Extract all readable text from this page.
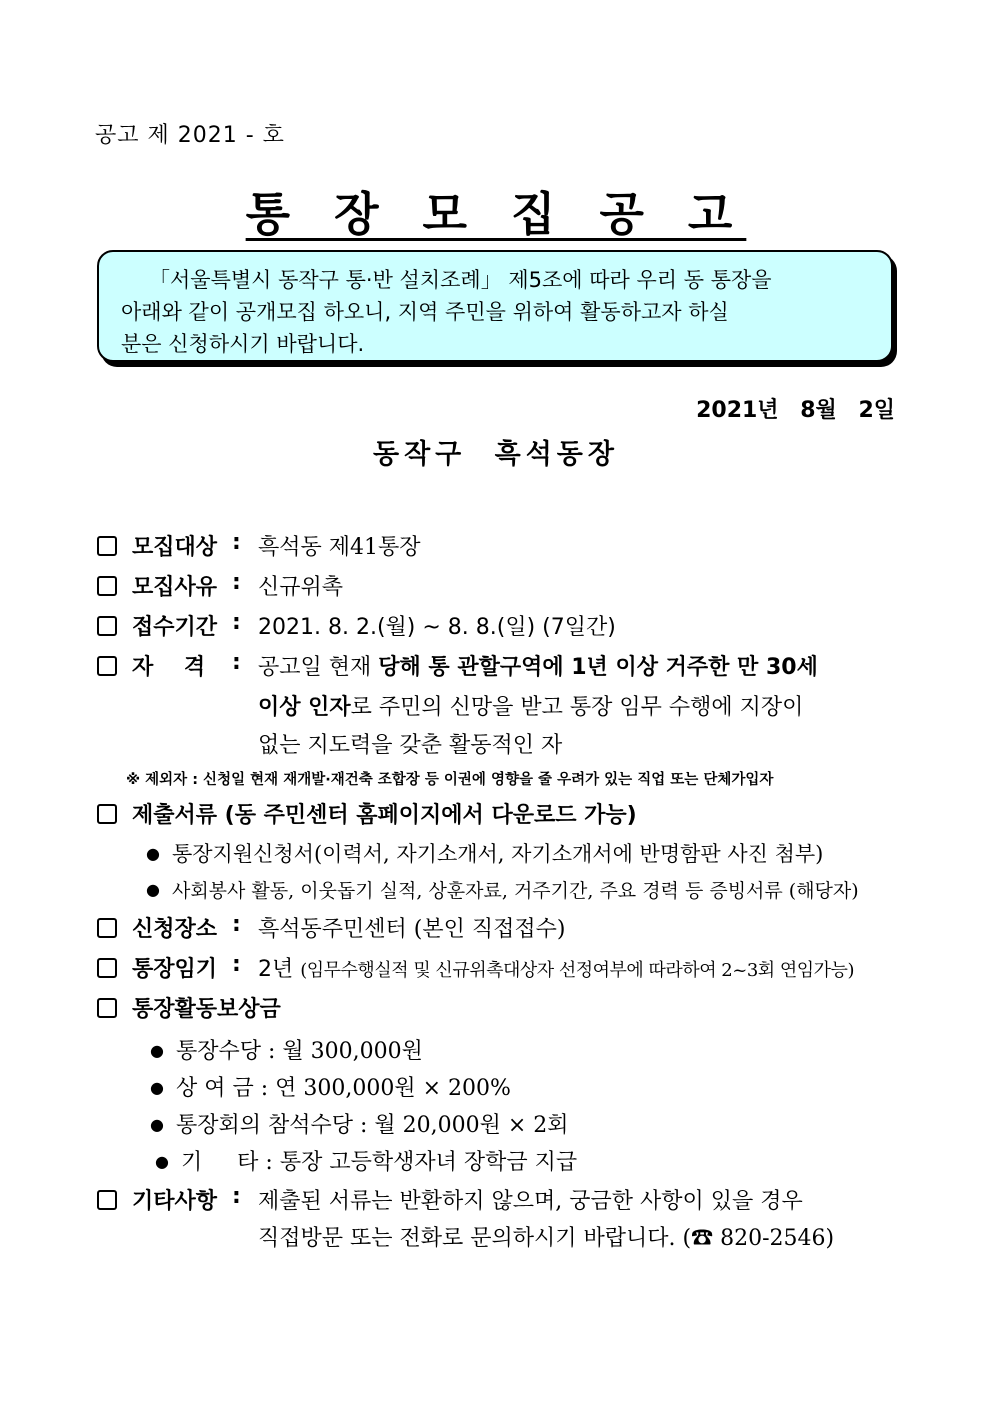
공고 제 2021 - 호
통 장 모 집 공 고
「서울특별시 동작구 통·반 설치조례」 제5조에 따라 우리 동 통장을
아래와 같이 공개모집 하오니, 지역 주민을 위하여 활동하고자 하실
분은 신청하시기 바랍니다.
2021년 8월 2일
동작구 흑석동장
모집대상 : 흑석동 제41통장
모집사유 : 신규위촉
접수기간 : 2021. 8. 2.(월) ~ 8. 8.(일) (7일간)
자    격 : 공고일 현재 당해 통 관할구역에 1년 이상 거주한 만 30세
이상 인자로 주민의 신망을 받고 통장 임무 수행에 지장이
없는 지도력을 갖춘 활동적인 자
※ 제외자 : 신청일 현재 재개발·재건축 조합장 등 이권에 영향을 줄 우려가 있는 직업 또는 단체가입자
제출서류 (동 주민센터 홈페이지에서 다운로드 가능)
● 통장지원신청서(이력서, 자기소개서, 자기소개서에 반명함판 사진 첨부)
● 사회봉사 활동, 이웃돕기 실적, 상훈자료, 거주기간, 주요 경력 등 증빙서류 (해당자)
신청장소 : 흑석동주민센터 (본인 직접접수)
통장임기 : 2년 (임무수행실적 및 신규위촉대상자 선정여부에 따라하여 2~3회 연임가능)
통장활동보상금
● 통장수당 : 월 300,000원
● 상 여 금 : 연 300,000원 × 200%
● 통장회의 참석수당 : 월 20,000원 × 2회
● 기     타 : 통장 고등학생자녀 장학금 지급
기타사항 : 제출된 서류는 반환하지 않으며, 궁금한 사항이 있을 경우
직접방문 또는 전화로 문의하시기 바랍니다. (☎ 820-2546)
